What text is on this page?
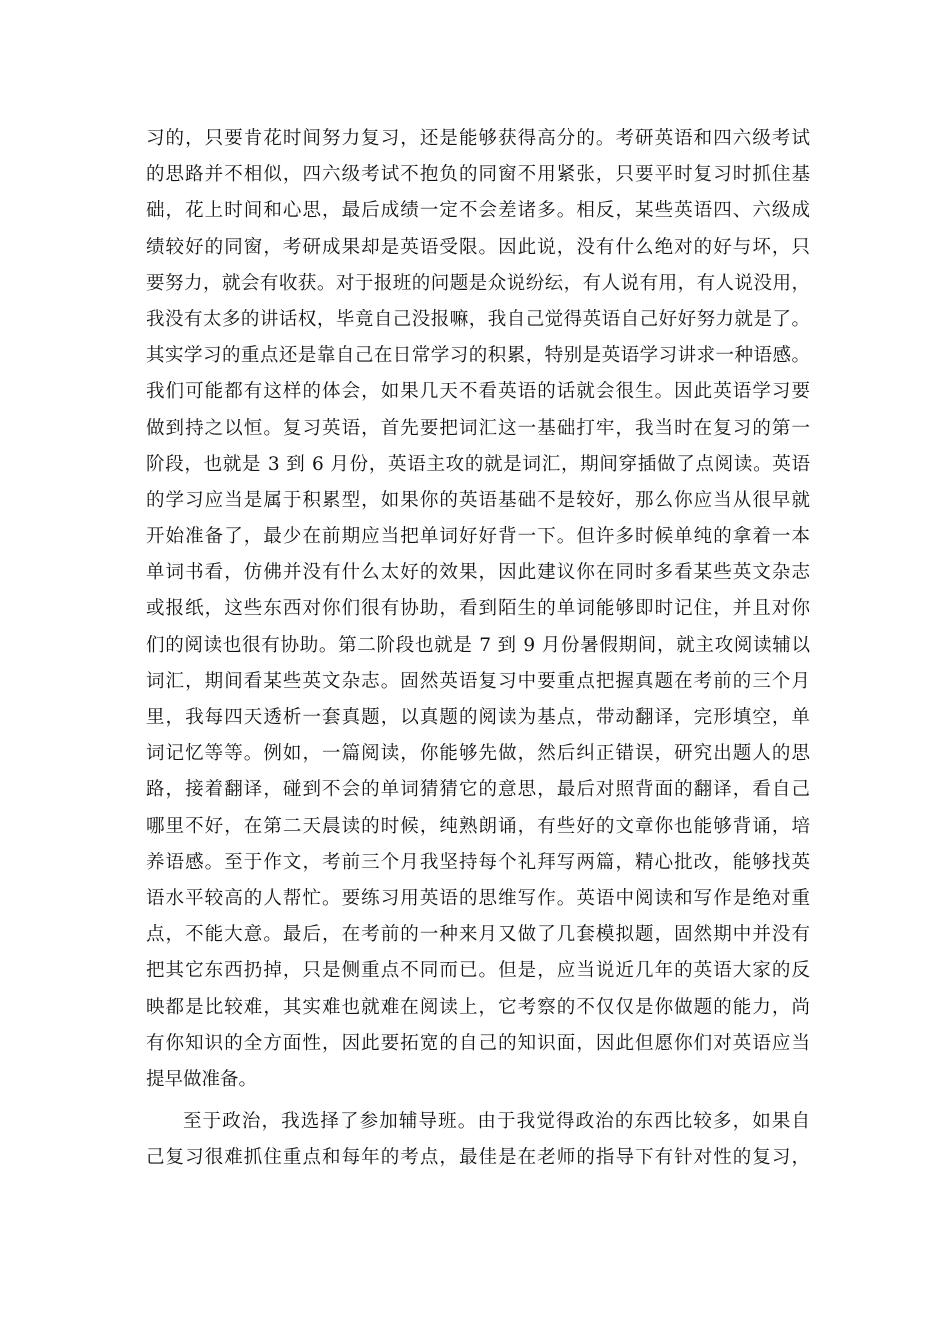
习的，只要肯花时间努力复习，还是能够获得高分的。考研英语和四六级考试
的思路并不相似，四六级考试不抱负的同窗不用紧张，只要平时复习时抓住基
础，花上时间和心思，最后成绩一定不会差诸多。相反，某些英语四、六级成
绩较好的同窗，考研成果却是英语受限。因此说，没有什么绝对的好与坏，只
要努力，就会有收获。对于报班的问题是众说纷纭，有人说有用，有人说没用，
我没有太多的讲话权，毕竟自己没报嘛，我自己觉得英语自己好好努力就是了。
其实学习的重点还是靠自己在日常学习的积累，特别是英语学习讲求一种语感。
我们可能都有这样的体会，如果几天不看英语的话就会很生。因此英语学习要
做到持之以恒。复习英语，首先要把词汇这一基础打牢，我当时在复习的第一
阶段，也就是 3 到 6 月份，英语主攻的就是词汇，期间穿插做了点阅读。英语
的学习应当是属于积累型，如果你的英语基础不是较好，那么你应当从很早就
开始准备了，最少在前期应当把单词好好背一下。但许多时候单纯的拿着一本
单词书看，仿佛并没有什么太好的效果，因此建议你在同时多看某些英文杂志
或报纸，这些东西对你们很有协助，看到陌生的单词能够即时记住，并且对你
们的阅读也很有协助。第二阶段也就是 7 到 9 月份暑假期间，就主攻阅读辅以
词汇，期间看某些英文杂志。固然英语复习中要重点把握真题在考前的三个月
里，我每四天透析一套真题，以真题的阅读为基点，带动翻译，完形填空，单
词记忆等等。例如，一篇阅读，你能够先做，然后纠正错误，研究出题人的思
路，接着翻译，碰到不会的单词猜猜它的意思，最后对照背面的翻译，看自己
哪里不好，在第二天晨读的时候，纯熟朗诵，有些好的文章你也能够背诵，培
养语感。至于作文，考前三个月我坚持每个礼拜写两篇，精心批改，能够找英
语水平较高的人帮忙。要练习用英语的思维写作。英语中阅读和写作是绝对重
点，不能大意。最后，在考前的一种来月又做了几套模拟题，固然期中并没有
把其它东西扔掉，只是侧重点不同而已。但是，应当说近几年的英语大家的反
映都是比较难，其实难也就难在阅读上，它考察的不仅仅是你做题的能力，尚
有你知识的全方面性，因此要拓宽的自己的知识面，因此但愿你们对英语应当
提早做准备。
至于政治，我选择了参加辅导班。由于我觉得政治的东西比较多，如果自
己复习很难抓住重点和每年的考点，最佳是在老师的指导下有针对性的复习，
